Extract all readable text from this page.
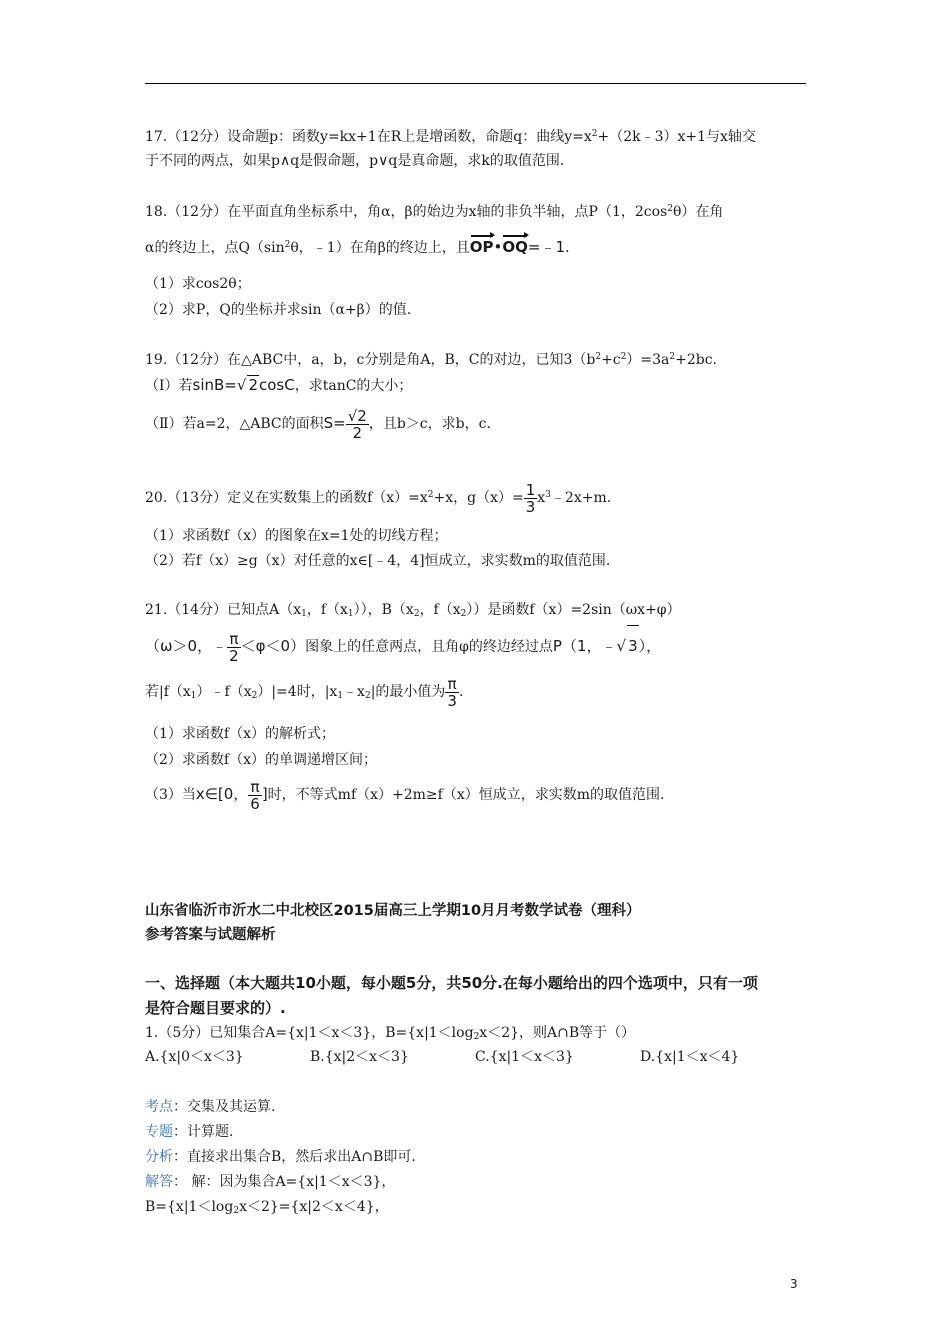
17.（12分）设命题p：函数y=kx+1在R上是增函数，命题q：曲线$y=x^2+(2k﹣3)x+1$与x轴交
于不同的两点，如果p∧q是假命题，p∨q是真命题，求k的取值范围.
18.（12分）在平面直角坐标系中，角α，β的始边为x轴的非负半轴，点P（1，$2\cos^2\theta$）在角
α的终边上，点$Q(\sin^2\theta$，﹣1）在角β的终边上，且OP•OQ=﹣1.
（1）求cos2θ；
（2）求P，Q的坐标并求sin（α+β）的值.
19.（12分）在△ABC中，a，b，c分别是角A，B，C的对边，已知$3(b^2+c^2)=3a^2+2bc$.
（Ⅰ）若sinB=√ 2cosC，求tanC的大小；
（Ⅱ）若a=2，△ABC的面积$S= \frac{√2}{2}$ ，且b＞c，求b，c.
20.（13分）定义在实数集上的函数$f(x)=x^2+x$，$g(x)= \frac{1}{3}$ $x^3﹣2x+m$.
（1）求函数f（x）的图象在x=1处的切线方程；
（2）若f（x）≥g（x）对任意的x∈[﹣4，4]恒成立，求实数m的取值范围.
21.（14分）已知点$A(x_1$，$f(x_1)$），$B(x_2$，$f(x_2)$）是函数f（x）=2sin（ωx+φ）
（ω＞0，﹣ $\frac{\pi}{2} <\varphi<0$）图象上的任意两点，且角φ的终边经过点P（1，﹣√ 3），
若$|f(x_1)﹣f(x_2)|=4$时，$|x_1﹣x_2|$的最小值为 $\frac{\pi}{3}$ .
（1）求函数f（x）的解析式；
（2）求函数f（x）的单调递增区间；
（3）当x∈[0， $\frac{\pi}{6}$ ]时，不等式mf（x）+2m≥f（x）恒成立，求实数m的取值范围.
山东省临沂市沂水二中北校区2015届高三上学期10月月考数学试卷（理科）
参考答案与试题解析
一、选择题（本大题共10小题，每小题5分，共50分.在每小题给出的四个选项中，只有一项
是符合题目要求的）.
1.（5分）已知集合A={x|1＜x＜3}，$B=\{x|1<\log_2x<2\}$，则A∩B等于（）
A.{x|0＜x＜3}	B.{x|2＜x＜3}	C.{x|1＜x＜3}	D.{x|1＜x＜4}
考点：交集及其运算.
专题：计算题.
分析：直接求出集合B，然后求出A∩B即可.
解答： 解：因为集合A={x|1＜x＜3}，
$B=\{x|1<\log_2x<2\}=\{x|2<x<4\}$，
3
